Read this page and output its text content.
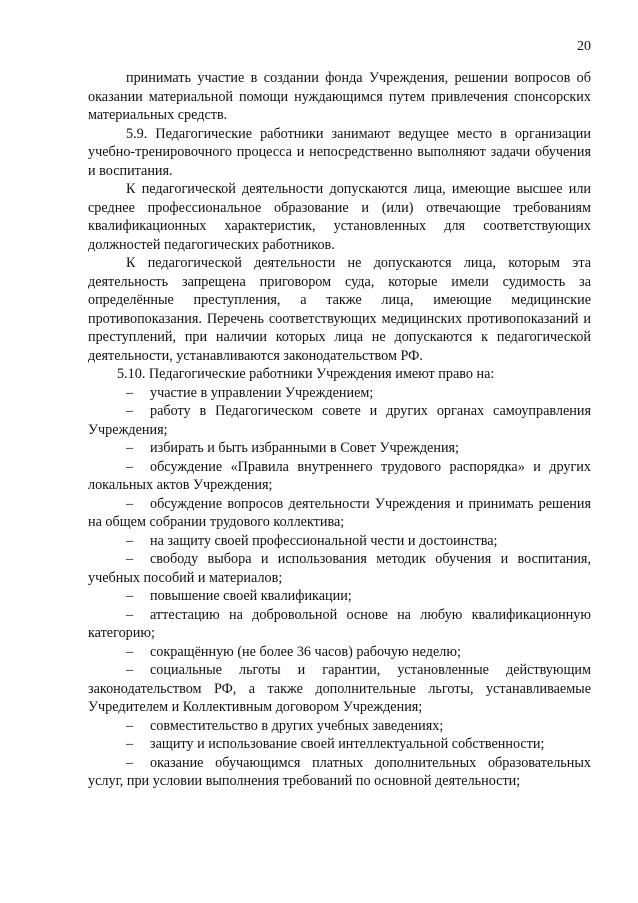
20

принимать участие в создании фонда Учреждения, решении вопросов об оказании материальной помощи нуждающимся путем привлечения спонсорских материальных средств.

5.9. Педагогические работники занимают ведущее место в организации учебно-тренировочного процесса и непосредственно выполняют задачи обучения и воспитания.

К педагогической деятельности допускаются лица, имеющие высшее или среднее профессиональное образование и (или) отвечающие требованиям квалификационных характеристик, установленных для соответствующих должностей педагогических работников.

К педагогической деятельности не допускаются лица, которым эта деятельность запрещена приговором суда, которые имели судимость за определённые преступления, а также лица, имеющие медицинские противопоказания. Перечень соответствующих медицинских противопоказаний и преступлений, при наличии которых лица не допускаются к педагогической деятельности, устанавливаются законодательством РФ.

5.10. Педагогические работники Учреждения имеют право на:

– участие в управлении Учреждением;

– работу в Педагогическом совете и других органах самоуправления Учреждения;

– избирать и быть избранными в Совет Учреждения;

– обсуждение «Правила внутреннего трудового распорядка» и других локальных актов Учреждения;

– обсуждение вопросов деятельности Учреждения и принимать решения на общем собрании трудового коллектива;

– на защиту своей профессиональной чести и достоинства;

– свободу выбора и использования методик обучения и воспитания, учебных пособий и материалов;

– повышение своей квалификации;

– аттестацию на добровольной основе на любую квалификационную категорию;

– сокращённую (не более 36 часов) рабочую неделю;

– социальные льготы и гарантии, установленные действующим законодательством РФ, а также дополнительные льготы, устанавливаемые Учредителем и Коллективным договором Учреждения;

– совместительство в других учебных заведениях;

– защиту и использование своей интеллектуальной собственности;

– оказание обучающимся платных дополнительных образовательных услуг, при условии выполнения требований по основной деятельности;
